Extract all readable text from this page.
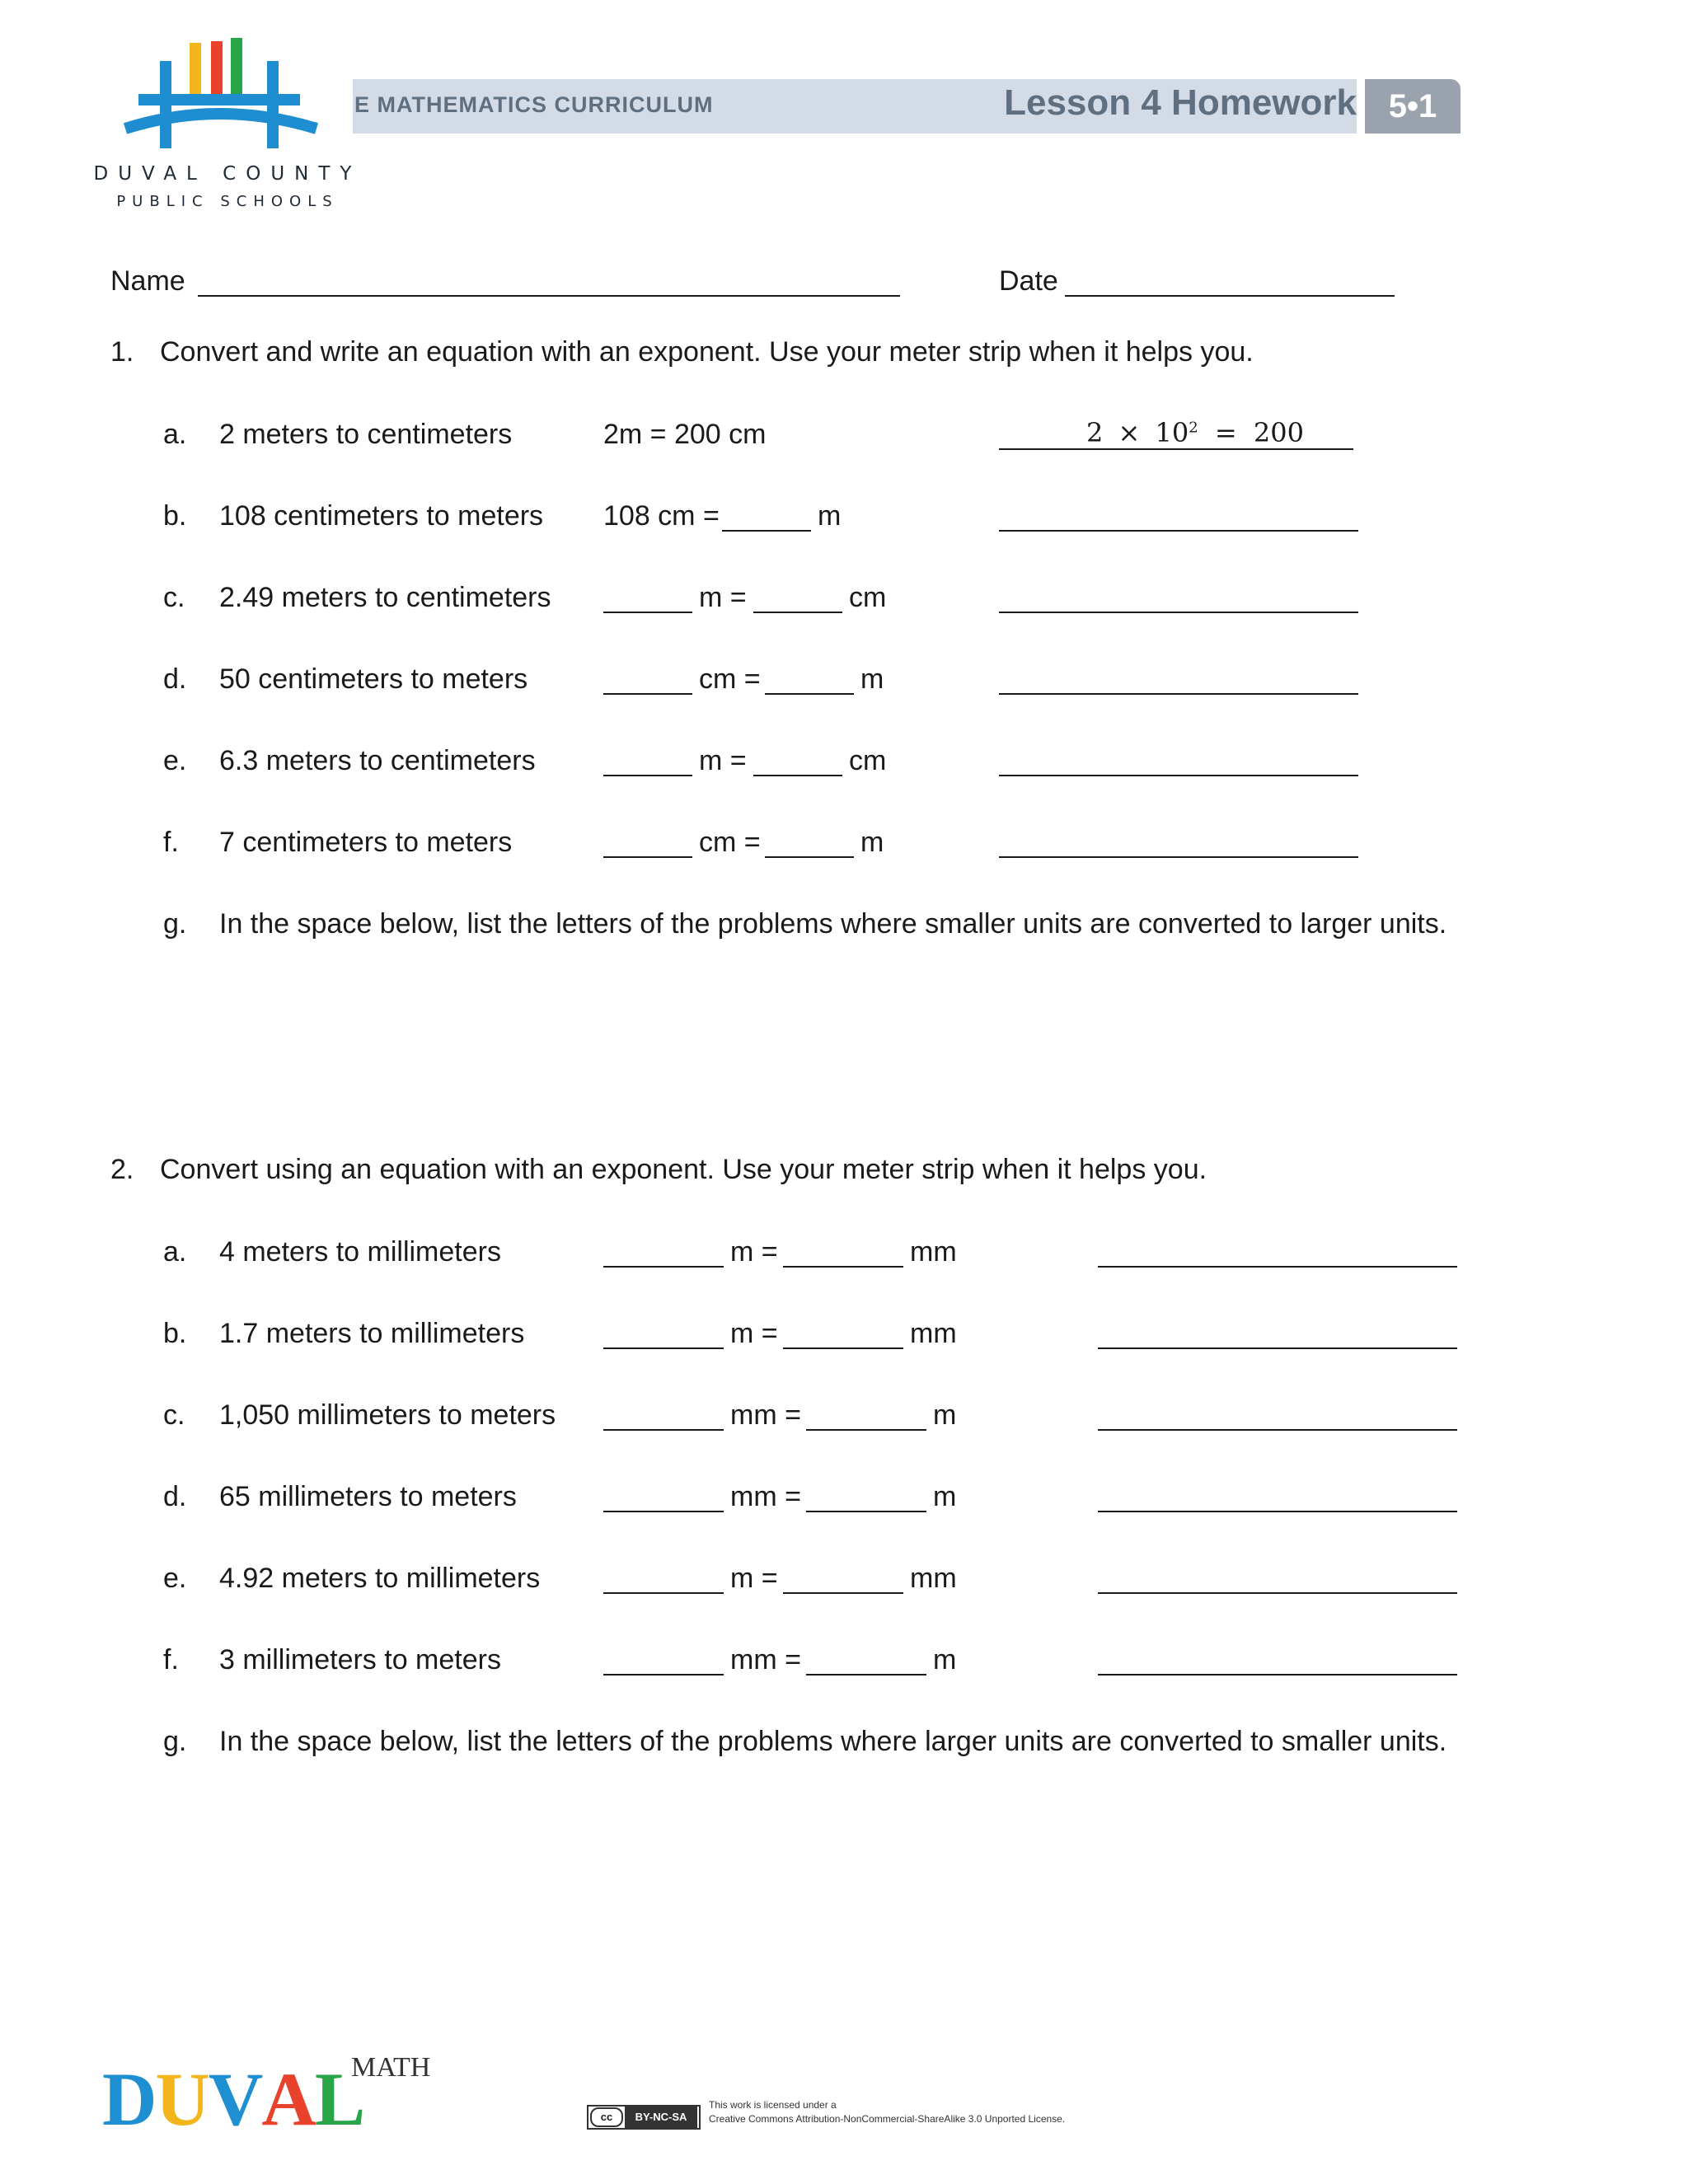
DUVAL COUNTY
PUBLIC SCHOOLS
E MATHEMATICS CURRICULUM	Lesson 4 Homework 5•1
Name	Date
1. Convert and write an equation with an exponent. Use your meter strip when it helps you.
a. 2 meters to centimeters	2m = 200 cm	$2 \times 10^2 = 200$
b. 108 centimeters to meters 108 cm =	m
c. 2.49 meters to centimeters	m =	cm
d. 50 centimeters to meters	cm =	m
e. 6.3 meters to centimeters	m =	cm
f. 7 centimeters to meters	cm =	m
g. In the space below, list the letters of the problems where smaller units are converted to larger units.
2. Convert using an equation with an exponent. Use your meter strip when it helps you.
a. 4 meters to millimeters	m =	mm
b. 1.7 meters to millimeters	m =	mm
c. 1,050 millimeters to meters	mm =	m
d. 65 millimeters to meters	mm =	m
e. 4.92 meters to millimeters	m =	mm
f. 3 millimeters to meters	mm =	m
g. In the space below, list the letters of the problems where larger units are converted to smaller units.
DUVAL
MATH
cc	BY-NC-SA
This work is licensed under a
Creative Commons Attribution-NonCommercial-ShareAlike 3.0 Unported License.
